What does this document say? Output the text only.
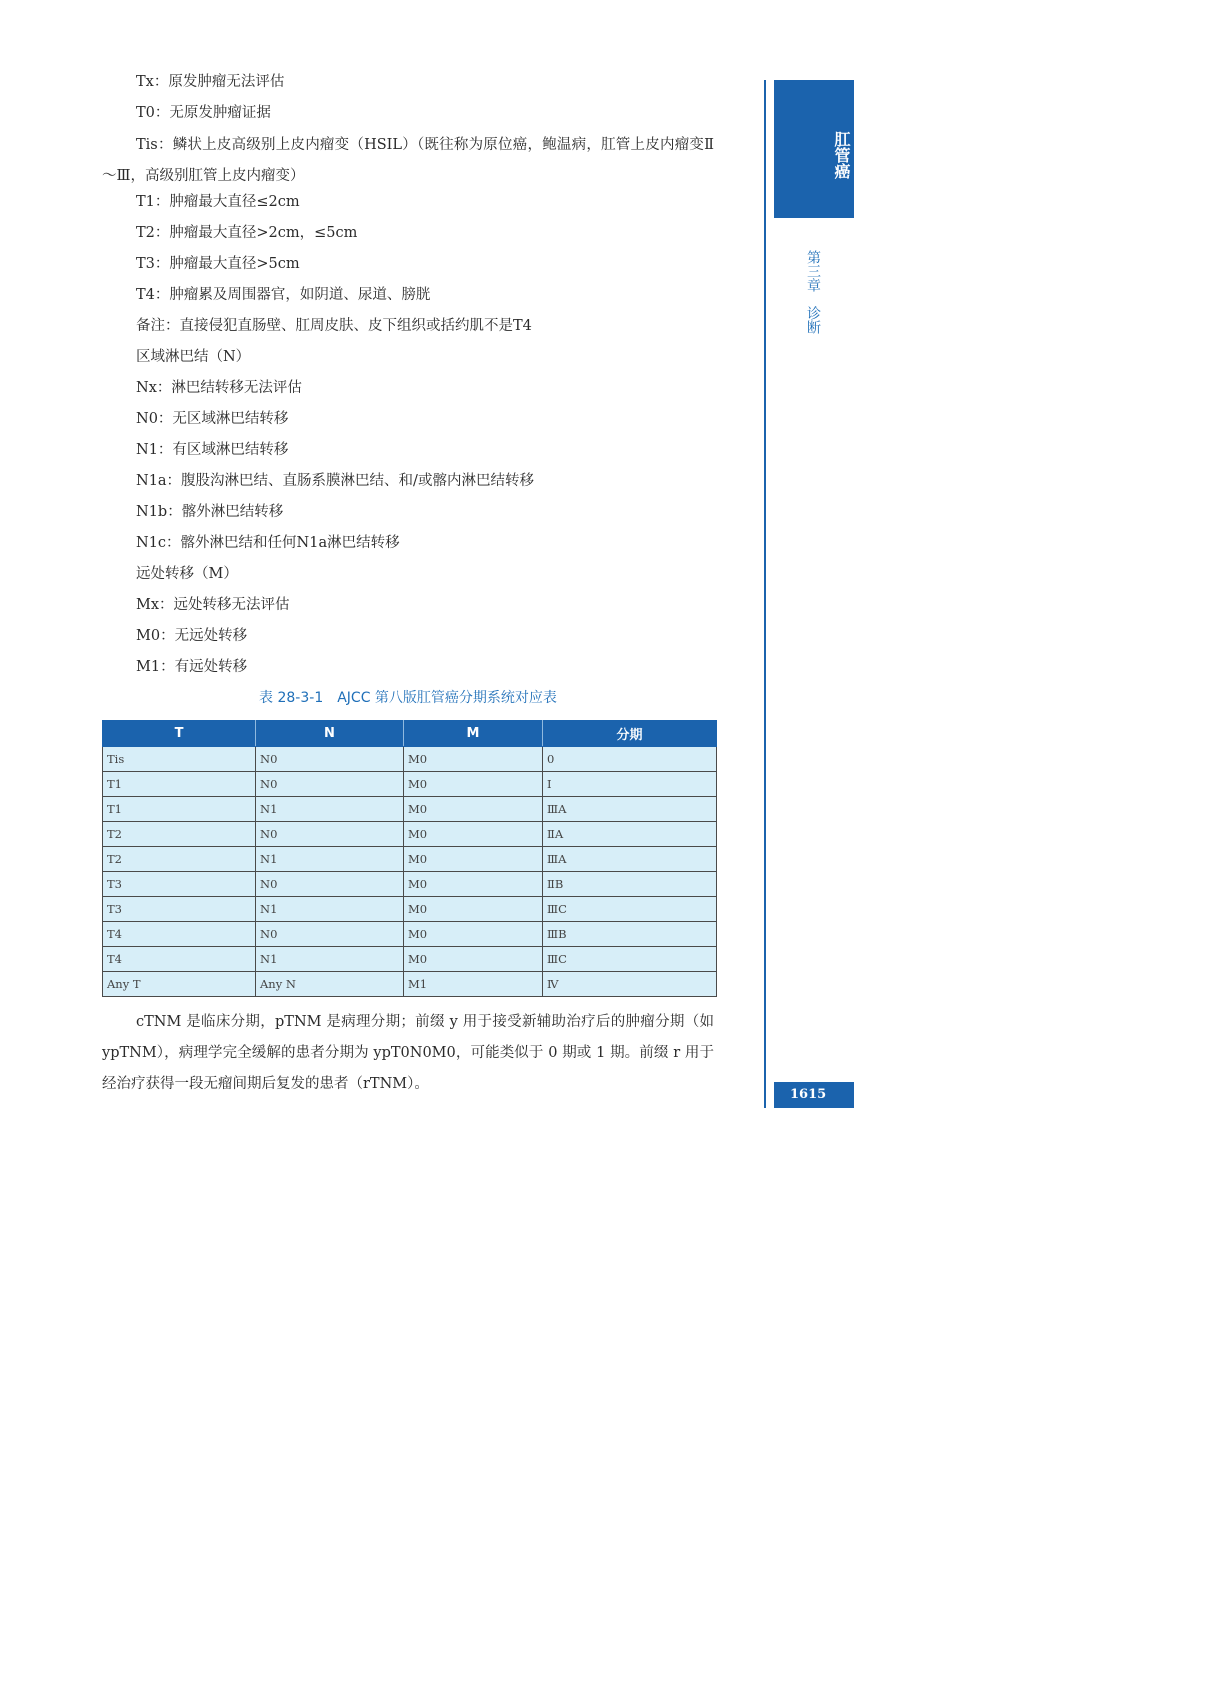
Tx：原发肿瘤无法评估

T0：无原发肿瘤证据

Tis：鳞状上皮高级别上皮内瘤变（HSIL）（既往称为原位癌，鲍温病，肛管上皮内瘤变Ⅱ～Ⅲ，高级别肛管上皮内瘤变）

T1：肿瘤最大直径≤2cm

T2：肿瘤最大直径>2cm，≤5cm

T3：肿瘤最大直径>5cm

T4：肿瘤累及周围器官，如阴道、尿道、膀胱

备注：直接侵犯直肠壁、肛周皮肤、皮下组织或括约肌不是T4

区域淋巴结（N）

Nx：淋巴结转移无法评估

N0：无区域淋巴结转移

N1：有区域淋巴结转移

N1a：腹股沟淋巴结、直肠系膜淋巴结、和/或髂内淋巴结转移

N1b：髂外淋巴结转移

N1c：髂外淋巴结和任何N1a淋巴结转移

远处转移（M）

Mx：远处转移无法评估

M0：无远处转移

M1：有远处转移

表 28-3-1　AJCC 第八版肛管癌分期系统对应表

T	N	M	分期
Tis	N0	M0	0
T1	N0	M0	Ⅰ
T1	N1	M0	ⅢA
T2	N0	M0	ⅡA
T2	N1	M0	ⅢA
T3	N0	M0	ⅡB
T3	N1	M0	ⅢC
T4	N0	M0	ⅢB
T4	N1	M0	ⅢC
Any T	Any N	M1	Ⅳ

cTNM 是临床分期，pTNM 是病理分期；前缀 y 用于接受新辅助治疗后的肿瘤分期（如 ypTNM），病理学完全缓解的患者分期为 ypT0N0M0，可能类似于 0 期或 1 期。前缀 r 用于经治疗获得一段无瘤间期后复发的患者（rTNM）。

肛管癌
第三章　诊断
1615
